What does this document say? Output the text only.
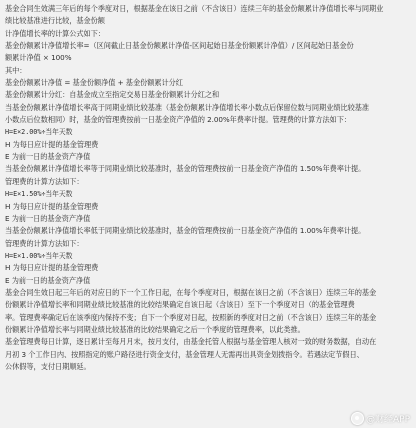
基金合同生效满三年后的每个季度对日，根据基金在该日之前（不含该日）连续三年的基金份额累计净值增长率与同期业
绩比较基准进行比较，基金份额
计净值增长率的计算公式如下：
基金份额累计净值增长率=（区间截止日基金份额累计净值-区间起始日基金份额累计净值）/ 区间起始日基金份
额累计净值 × 100%
其中：
基金份额累计净值 = 基金份额净值 + 基金份额累计分红
基金份额累计分红：自基金成立至指定交易日基金份额累计分红之和
当基金份额累计净值增长率高于同期业绩比较基准（基金份额累计净值增长率小数点后保留位数与同期业绩比较基准
小数点后位数相同）时，基金的管理费按前一日基金资产净值的 2.00%年费率计提。管理费的计算方法如下：
H=E×2.00%÷当年天数
H 为每日应计提的基金管理费
E 为前一日的基金资产净值
当基金份额累计净值增长率等于同期业绩比较基准时，基金的管理费按前一日基金资产净值的 1.50%年费率计提。
管理费的计算方法如下：
H=E×1.50%÷当年天数
H 为每日应计提的基金管理费
E 为前一日的基金资产净值
当基金份额累计净值增长率低于同期业绩比较基准时，基金的管理费按前一日基金资产净值的 1.00%年费率计提。
管理费的计算方法如下：
H=E×1.00%÷当年天数
H 为每日应计提的基金管理费
E 为前一日的基金资产净值
基金合同生效日起三年后的对应日的下一个工作日起，在每个季度对日，根据在该日之前（不含该日）连续三年的基金
份额累计净值增长率和同期业绩比较基准的比较结果确定自该日起（含该日）至下一个季度对日（的基金管理费
率。管理费率确定后在该季度内保持不变；自下一个季度对日起，按照新的季度对日之前（不含该日）连续三年的基金
份额累计净值增长率与同期业绩比较基准的比较结果确定之后一个季度的管理费率，以此类推。
基金管理费每日计算，逐日累计至每月月末，按月支付，由基金托管人根据与基金管理人核对一致的财务数据，自动在
月初 3 个工作日内、按照指定的账户路径进行资金支付，基金管理人无需再出具资金划拨指令。若遇法定节假日、
公休假等，支付日期顺延。
@财经APP
